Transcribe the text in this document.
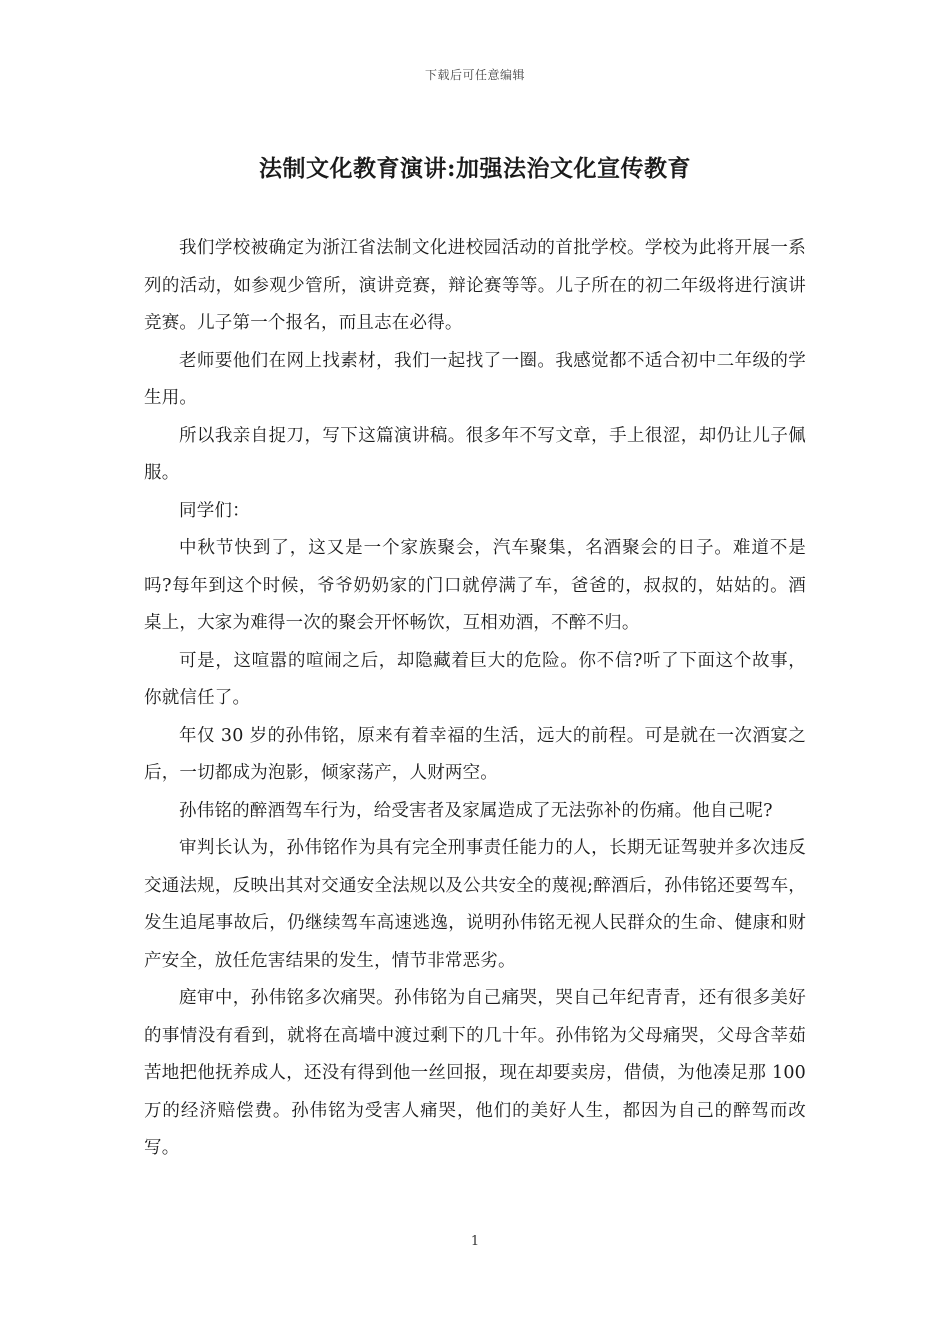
下载后可任意编辑
法制文化教育演讲:加强法治文化宣传教育

我们学校被确定为浙江省法制文化进校园活动的首批学校。学校为此将开展一系列的活动，如参观少管所，演讲竞赛，辩论赛等等。儿子所在的初二年级将进行演讲竞赛。儿子第一个报名，而且志在必得。

老师要他们在网上找素材，我们一起找了一圈。我感觉都不适合初中二年级的学生用。

所以我亲自捉刀，写下这篇演讲稿。很多年不写文章，手上很涩，却仍让儿子佩服。

同学们：

中秋节快到了，这又是一个家族聚会，汽车聚集，名酒聚会的日子。难道不是吗?每年到这个时候，爷爷奶奶家的门口就停满了车，爸爸的，叔叔的，姑姑的。酒桌上，大家为难得一次的聚会开怀畅饮，互相劝酒，不醉不归。

可是，这喧嚣的喧闹之后，却隐藏着巨大的危险。你不信?听了下面这个故事，你就信任了。

年仅 30 岁的孙伟铭，原来有着幸福的生活，远大的前程。可是就在一次酒宴之后，一切都成为泡影，倾家荡产，人财两空。

孙伟铭的醉酒驾车行为，给受害者及家属造成了无法弥补的伤痛。他自己呢?

审判长认为，孙伟铭作为具有完全刑事责任能力的人，长期无证驾驶并多次违反交通法规，反映出其对交通安全法规以及公共安全的蔑视;醉酒后，孙伟铭还要驾车，发生追尾事故后，仍继续驾车高速逃逸，说明孙伟铭无视人民群众的生命、健康和财产安全，放任危害结果的发生，情节非常恶劣。

庭审中，孙伟铭多次痛哭。孙伟铭为自己痛哭，哭自己年纪青青，还有很多美好的事情没有看到，就将在高墙中渡过剩下的几十年。孙伟铭为父母痛哭，父母含莘茹苦地把他抚养成人，还没有得到他一丝回报，现在却要卖房，借债，为他凑足那 100 万的经济赔偿费。孙伟铭为受害人痛哭，他们的美好人生，都因为自己的醉驾而改写。

1
